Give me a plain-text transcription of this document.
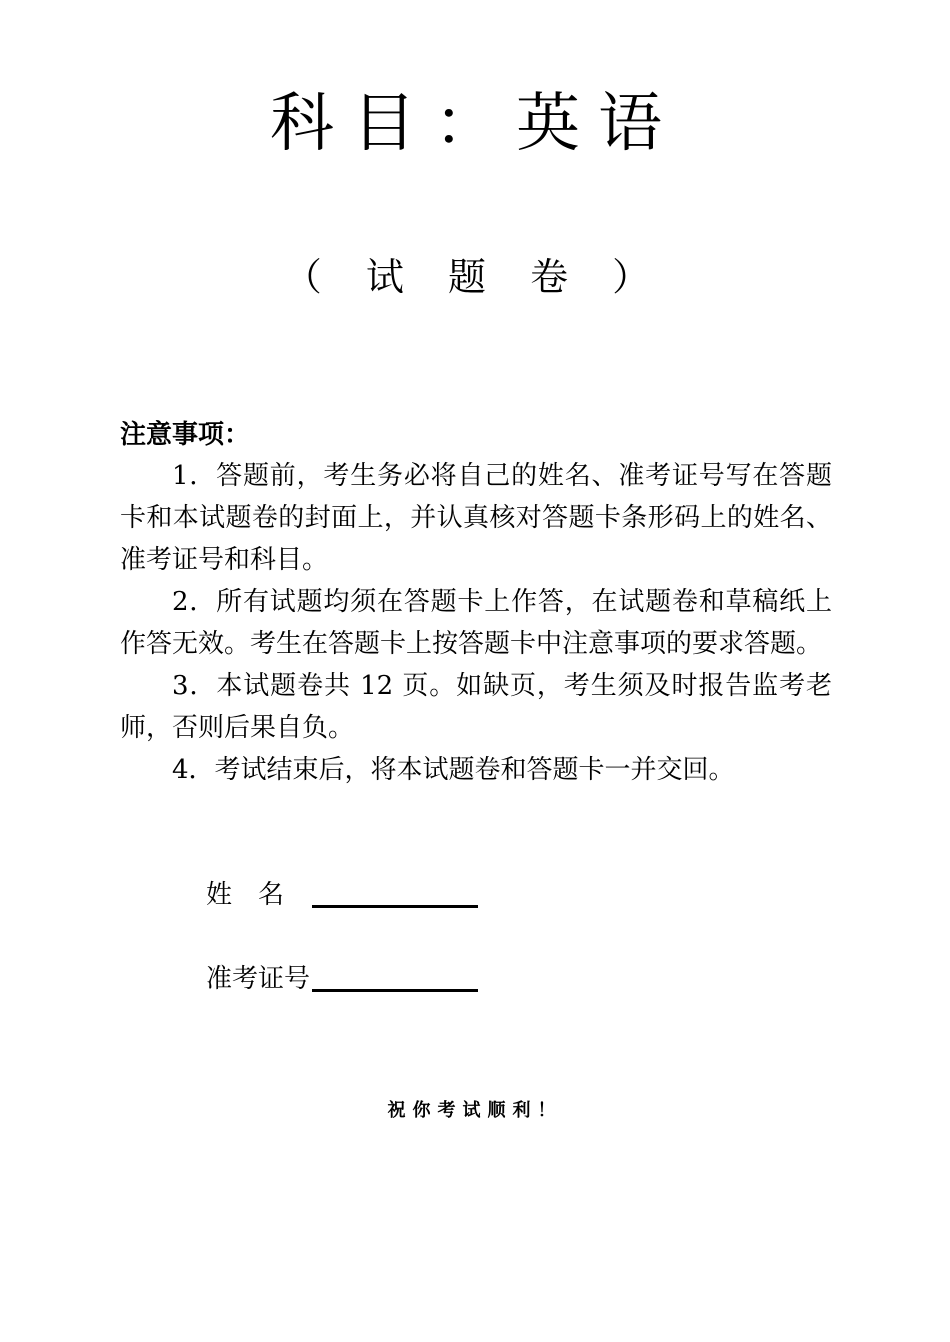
科目：英语
（ 试 题 卷 ）

注意事项：

1．答题前，考生务必将自己的姓名、准考证号写在答题卡和本试题卷的封面上，并认真核对答题卡条形码上的姓名、准考证号和科目。

2．所有试题均须在答题卡上作答，在试题卷和草稿纸上作答无效。考生在答题卡上按答题卡中注意事项的要求答题。

3．本试题卷共 12 页。如缺页，考生须及时报告监考老师，否则后果自负。

4．考试结束后，将本试题卷和答题卡一并交回。

姓名
准考证号
祝你考试顺利！
